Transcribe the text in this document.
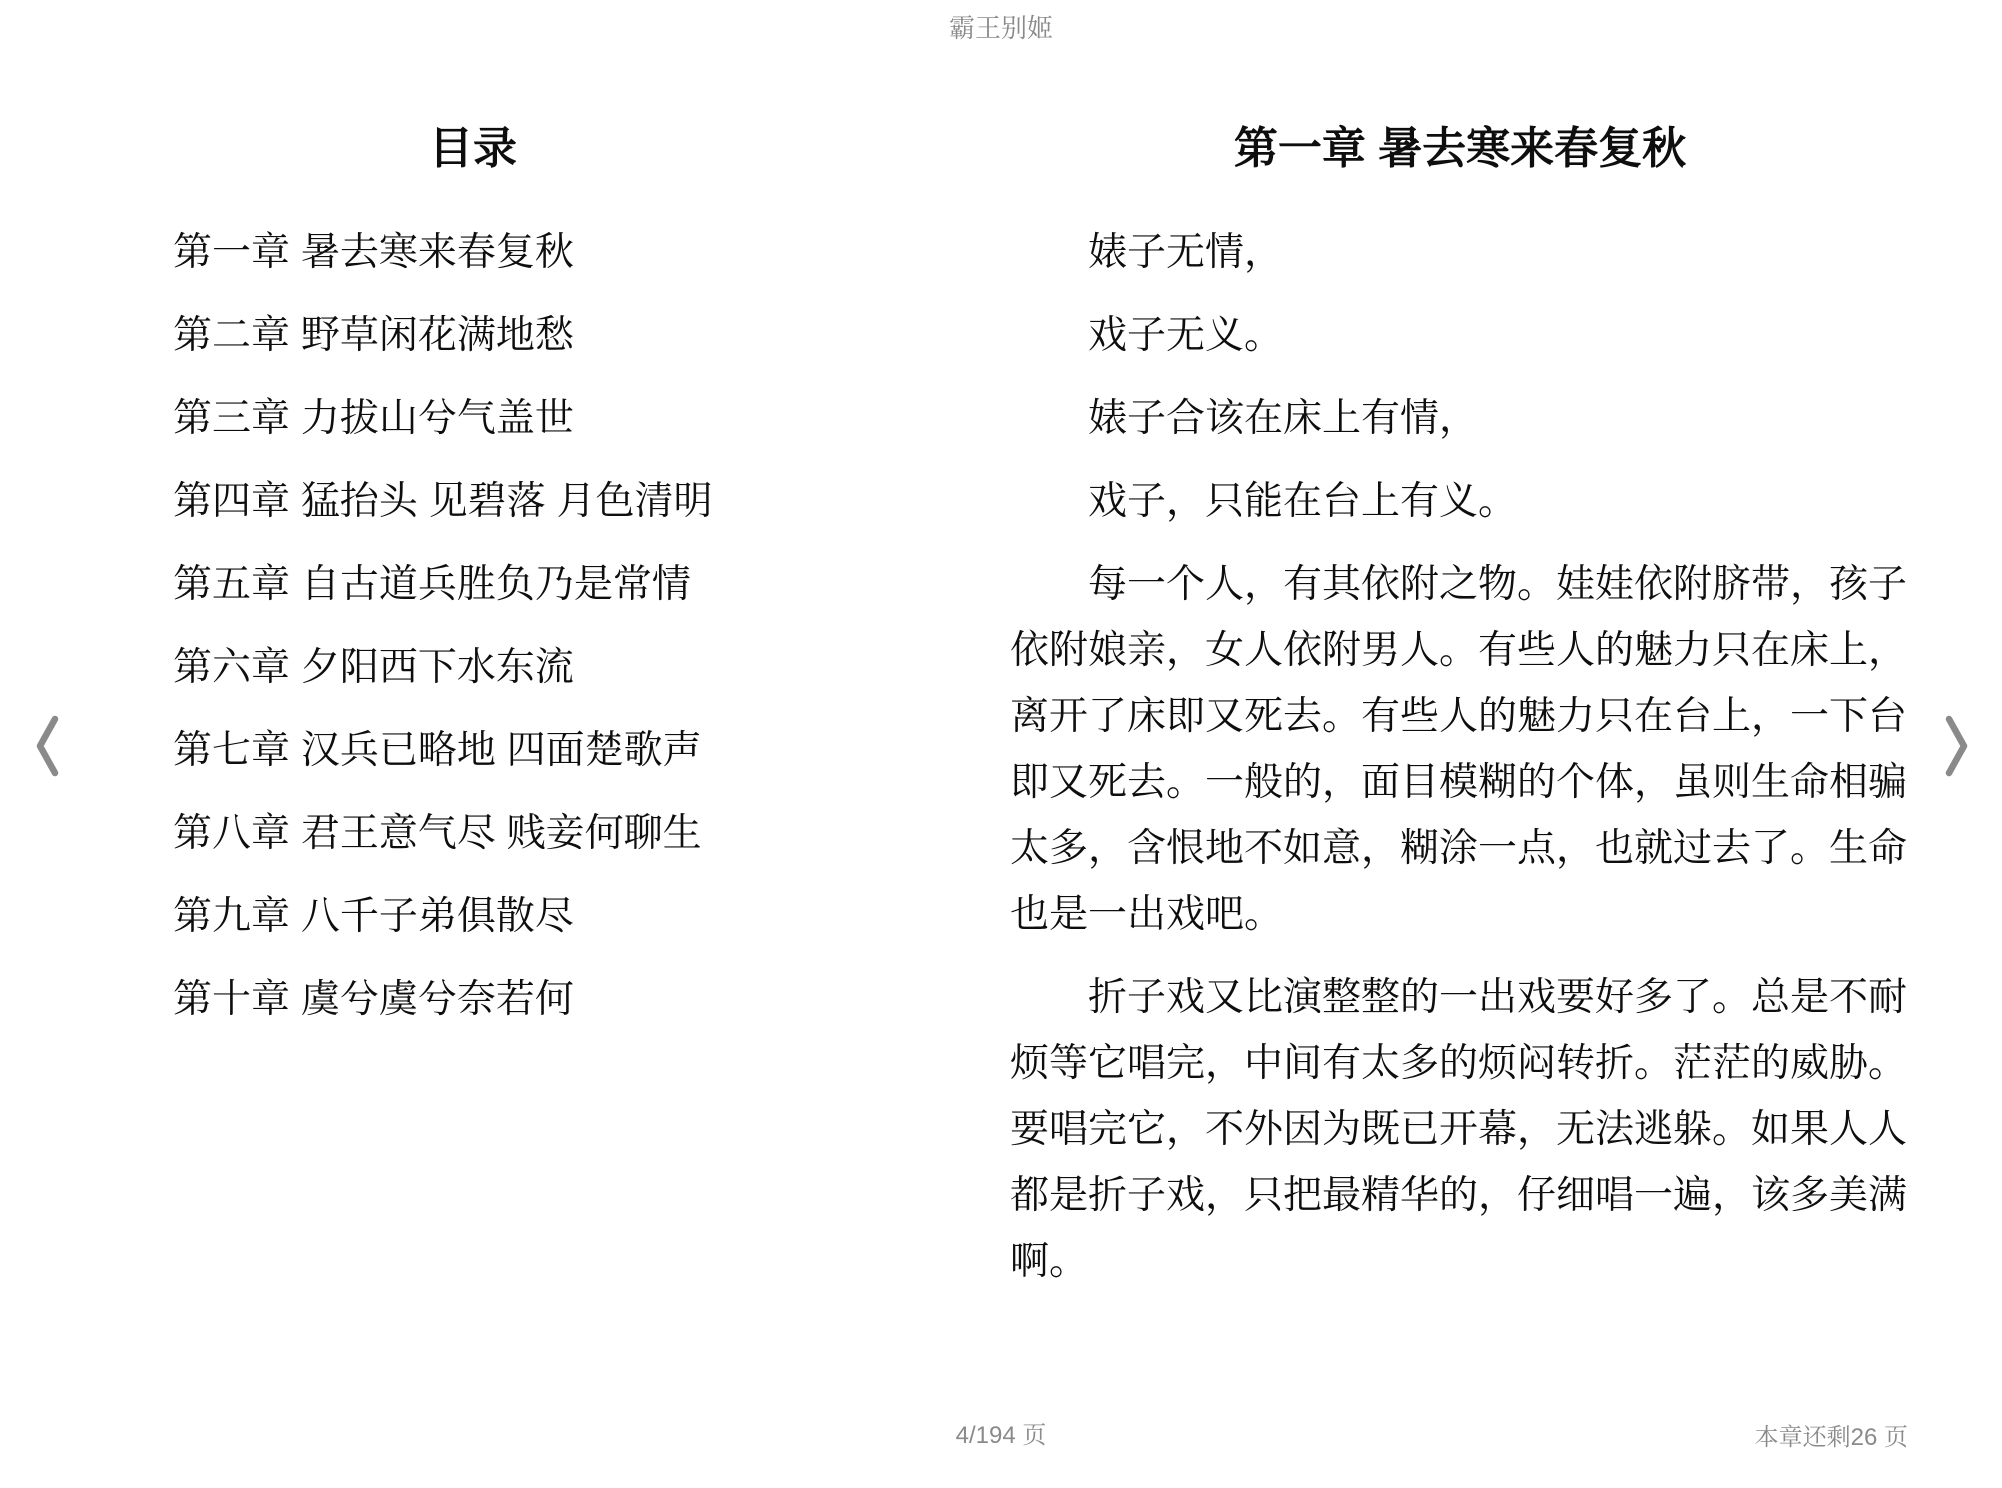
霸王别姬
目录
第一章 暑去寒来春复秋
第二章 野草闲花满地愁
第三章 力拔山兮气盖世
第四章 猛抬头 见碧落 月色清明
第五章 自古道兵胜负乃是常情
第六章 夕阳西下水东流
第七章 汉兵已略地 四面楚歌声
第八章 君王意气尽 贱妾何聊生
第九章 八千子弟俱散尽
第十章 虞兮虞兮奈若何
第一章 暑去寒来春复秋

婊子无情，

戏子无义。

婊子合该在床上有情，

戏子，只能在台上有义。

每一个人，有其依附之物。娃娃依附脐带，孩子依附娘亲，女人依附男人。有些人的魅力只在床上，离开了床即又死去。有些人的魅力只在台上，一下台即又死去。一般的，面目模糊的个体，虽则生命相骗太多，含恨地不如意，糊涂一点，也就过去了。生命也是一出戏吧。

折子戏又比演整整的一出戏要好多了。总是不耐烦等它唱完，中间有太多的烦闷转折。茫茫的威胁。要唱完它，不外因为既已开幕，无法逃躲。如果人人都是折子戏，只把最精华的，仔细唱一遍，该多美满啊。

4/194 页	本章还剩26 页
